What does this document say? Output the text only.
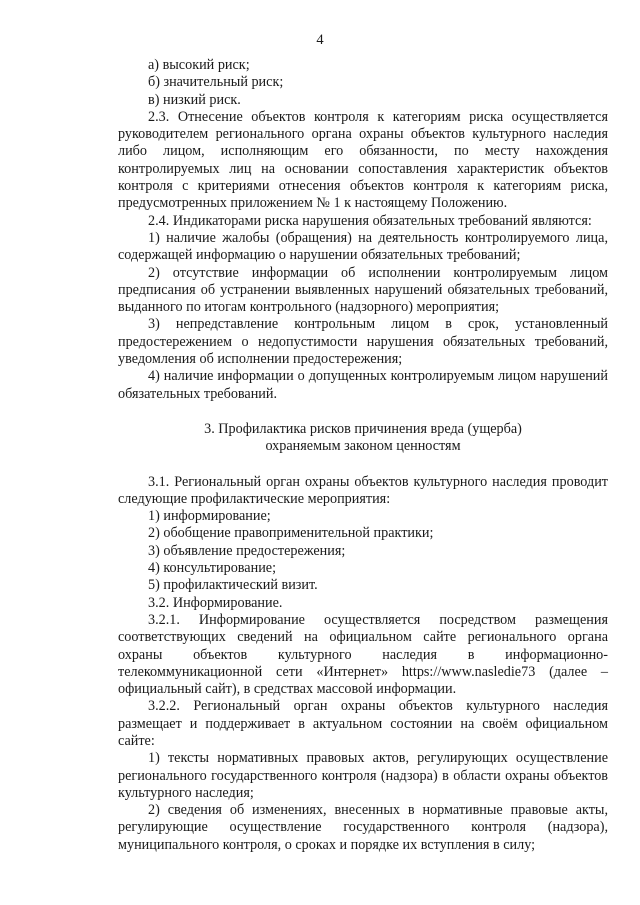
4

а) высокий риск;

б) значительный риск;

в) низкий риск.

2.3. Отнесение объектов контроля к категориям риска осуществляется руководителем регионального органа охраны объектов культурного наследия либо лицом, исполняющим его обязанности, по месту нахождения контролируемых лиц на основании сопоставления характеристик объектов контроля с критериями отнесения объектов контроля к категориям риска, предусмотренных приложением № 1 к настоящему Положению.

2.4. Индикаторами риска нарушения обязательных требований являются:

1) наличие жалобы (обращения) на деятельность контролируемого лица, содержащей информацию о нарушении обязательных требований;

2) отсутствие информации об исполнении контролируемым лицом предписания об устранении выявленных нарушений обязательных требований, выданного по итогам контрольного (надзорного) мероприятия;

3) непредставление контрольным лицом в срок, установленный предостережением о недопустимости нарушения обязательных требований, уведомления об исполнении предостережения;

4) наличие информации о допущенных контролируемым лицом нарушений обязательных требований.

3. Профилактика рисков причинения вреда (ущерба)
охраняемым законом ценностям

3.1. Региональный орган охраны объектов культурного наследия проводит следующие профилактические мероприятия:

1) информирование;

2) обобщение правоприменительной практики;

3) объявление предостережения;

4) консультирование;

5) профилактический визит.

3.2. Информирование.

3.2.1. Информирование осуществляется посредством размещения соответствующих сведений на официальном сайте регионального органа охраны объектов культурного наследия в информационно-телекоммуникационной сети «Интернет» https://www.nasledie73 (далее – официальный сайт), в средствах массовой информации.

3.2.2. Региональный орган охраны объектов культурного наследия размещает и поддерживает в актуальном состоянии на своём официальном сайте:

1) тексты нормативных правовых актов, регулирующих осуществление регионального государственного контроля (надзора) в области охраны объектов культурного наследия;

2) сведения об изменениях, внесенных в нормативные правовые акты, регулирующие осуществление государственного контроля (надзора), муниципального контроля, о сроках и порядке их вступления в силу;
